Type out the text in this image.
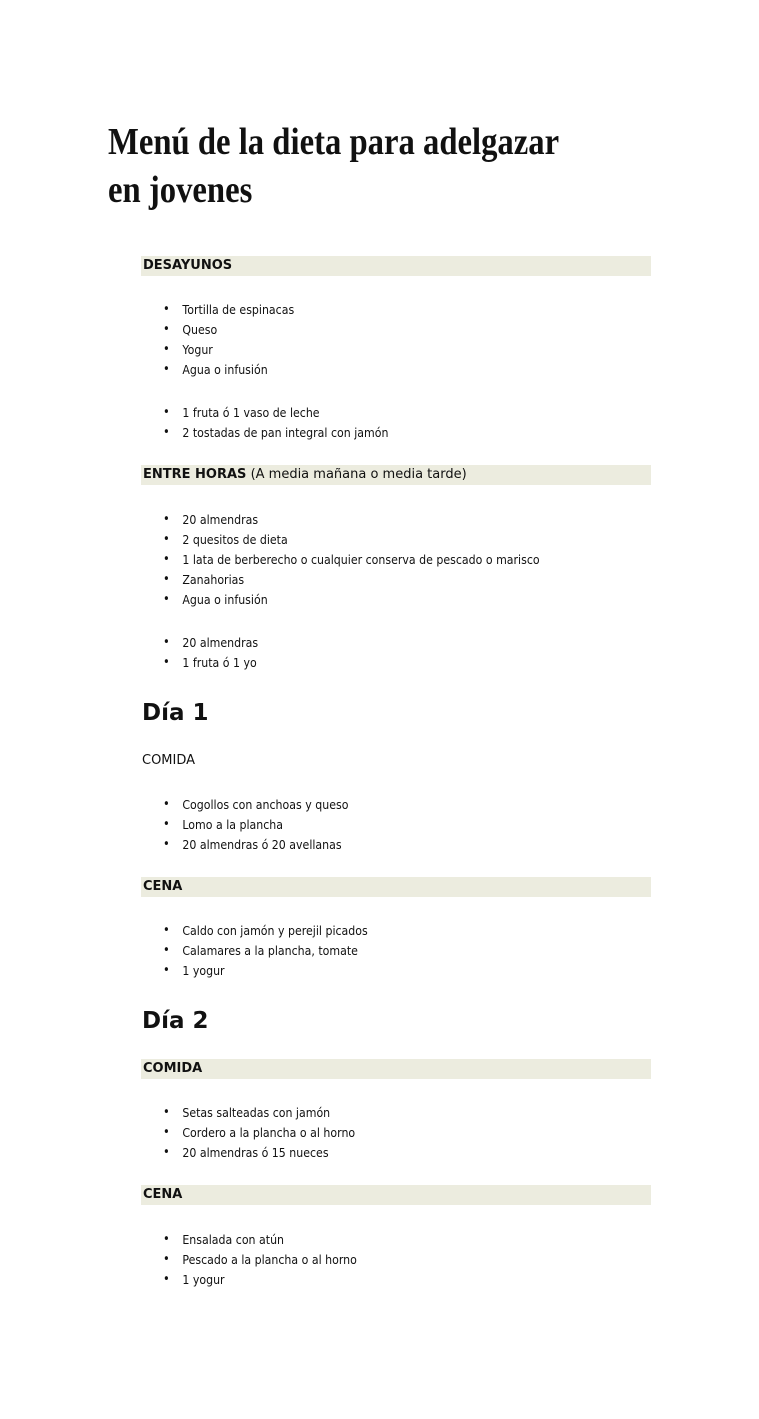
Menú de la dieta para adelgazar en jovenes
DESAYUNOS
• Tortilla de espinacas
• Queso
• Yogur
• Agua o infusión
• 1 fruta ó 1 vaso de leche
• 2 tostadas de pan integral con jamón
ENTRE HORAS (A media mañana o media tarde)
• 20 almendras
• 2 quesitos de dieta
• 1 lata de berberecho o cualquier conserva de pescado o marisco
• Zanahorias
• Agua o infusión
• 20 almendras
• 1 fruta ó 1 yo
Día 1
COMIDA
• Cogollos con anchoas y queso
• Lomo a la plancha
• 20 almendras ó 20 avellanas
CENA
• Caldo con jamón y perejil picados
• Calamares a la plancha, tomate
• 1 yogur
Día 2
COMIDA
• Setas salteadas con jamón
• Cordero a la plancha o al horno
• 20 almendras ó 15 nueces
CENA
• Ensalada con atún
• Pescado a la plancha o al horno
• 1 yogur
